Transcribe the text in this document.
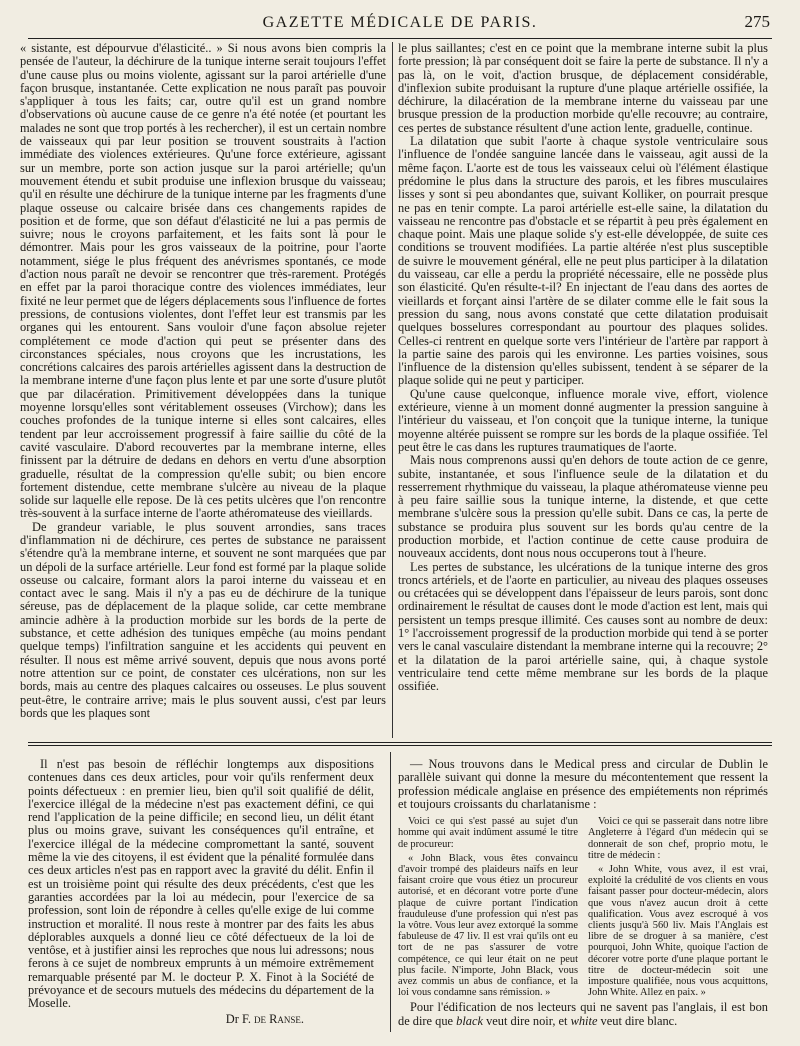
GAZETTE MÉDICALE DE PARIS.	275

« sistante, est dépourvue d'élasticité.. » Si nous avons bien compris la pensée de l'auteur, la déchirure de la tunique interne serait toujours l'effet d'une cause plus ou moins violente, agissant sur la paroi artérielle d'une façon brusque, instantanée. Cette explication ne nous paraît pas pouvoir s'appliquer à tous les faits; car, outre qu'il est un grand nombre d'observations où aucune cause de ce genre n'a été notée (et pourtant les malades ne sont que trop portés à les rechercher), il est un certain nombre de vaisseaux qui par leur position se trouvent soustraits à l'action immédiate des violences extérieures. Qu'une force extérieure, agissant sur un membre, porte son action jusque sur la paroi artérielle; qu'un mouvement étendu et subit produise une inflexion brusque du vaisseau; qu'il en résulte une déchirure de la tunique interne par les fragments d'une plaque osseuse ou calcaire brisée dans ces changements rapides de position et de forme, que son défaut d'élasticité ne lui a pas permis de suivre; nous le croyons parfaitement, et les faits sont là pour le démontrer. Mais pour les gros vaisseaux de la poitrine, pour l'aorte notamment, siége le plus fréquent des anévrismes spontanés, ce mode d'action nous paraît ne devoir se rencontrer que très-rarement. Protégés en effet par la paroi thoracique contre des violences immédiates, leur fixité ne leur permet que de légers déplacements sous l'influence de fortes pressions, de contusions violentes, dont l'effet leur est transmis par les organes qui les entourent. Sans vouloir d'une façon absolue rejeter complétement ce mode d'action qui peut se présenter dans des circonstances spéciales, nous croyons que les incrustations, les concrétions calcaires des parois artérielles agissent dans la destruction de la membrane interne d'une façon plus lente et par une sorte d'usure plutôt que par dilacération. Primitivement développées dans la tunique moyenne lorsqu'elles sont véritablement osseuses (Virchow); dans les couches profondes de la tunique interne si elles sont calcaires, elles tendent par leur accroissement progressif à faire saillie du côté de la cavité vasculaire. D'abord recouvertes par la membrane interne, elles finissent par la détruire de dedans en dehors en vertu d'une absorption graduelle, résultat de la compression qu'elle subit; ou bien encore fortement distendue, cette membrane s'ulcère au niveau de la plaque solide sur laquelle elle repose. De là ces petits ulcères que l'on rencontre très-souvent à la surface interne de l'aorte athéromateuse des vieillards.

De grandeur variable, le plus souvent arrondies, sans traces d'inflammation ni de déchirure, ces pertes de substance ne paraissent s'étendre qu'à la membrane interne, et souvent ne sont marquées que par un dépoli de la surface artérielle. Leur fond est formé par la plaque solide osseuse ou calcaire, formant alors la paroi interne du vaisseau et en contact avec le sang. Mais il n'y a pas eu de déchirure de la tunique séreuse, pas de déplacement de la plaque solide, car cette membrane amincie adhère à la production morbide sur les bords de la perte de substance, et cette adhésion des tuniques empêche (au moins pendant quelque temps) l'infiltration sanguine et les accidents qui peuvent en résulter. Il nous est même arrivé souvent, depuis que nous avons porté notre attention sur ce point, de constater ces ulcérations, non sur les bords, mais au centre des plaques calcaires ou osseuses. Le plus souvent peut-être, le contraire arrive; mais le plus souvent aussi, c'est par leurs bords que les plaques sont

le plus saillantes; c'est en ce point que la membrane interne subit la plus forte pression; là par conséquent doit se faire la perte de substance. Il n'y a pas là, on le voit, d'action brusque, de déplacement considérable, d'inflexion subite produisant la rupture d'une plaque artérielle ossifiée, la déchirure, la dilacération de la membrane interne du vaisseau par une brusque pression de la production morbide qu'elle recouvre; au contraire, ces pertes de substance résultent d'une action lente, graduelle, continue.

La dilatation que subit l'aorte à chaque systole ventriculaire sous l'influence de l'ondée sanguine lancée dans le vaisseau, agit aussi de la même façon. L'aorte est de tous les vaisseaux celui où l'élément élastique prédomine le plus dans la structure des parois, et les fibres musculaires lisses y sont si peu abondantes que, suivant Kolliker, on pourrait presque ne pas en tenir compte. La paroi artérielle est-elle saine, la dilatation du vaisseau ne rencontre pas d'obstacle et se répartit à peu près également en chaque point. Mais une plaque solide s'y est-elle développée, de suite ces conditions se trouvent modifiées. La partie altérée n'est plus susceptible de suivre le mouvement général, elle ne peut plus participer à la dilatation du vaisseau, car elle a perdu la propriété nécessaire, elle ne possède plus son élasticité. Qu'en résulte-t-il? En injectant de l'eau dans des aortes de vieillards et forçant ainsi l'artère de se dilater comme elle le fait sous la pression du sang, nous avons constaté que cette dilatation produisait quelques bosselures correspondant au pourtour des plaques solides. Celles-ci rentrent en quelque sorte vers l'intérieur de l'artère par rapport à la partie saine des parois qui les environne. Les parties voisines, sous l'influence de la distension qu'elles subissent, tendent à se séparer de la plaque solide qui ne peut y participer.

Qu'une cause quelconque, influence morale vive, effort, violence extérieure, vienne à un moment donné augmenter la pression sanguine à l'intérieur du vaisseau, et l'on conçoit que la tunique interne, la tunique moyenne altérée puissent se rompre sur les bords de la plaque ossifiée. Tel peut être le cas dans les ruptures traumatiques de l'aorte.

Mais nous comprenons aussi qu'en dehors de toute action de ce genre, subite, instantanée, et sous l'influence seule de la dilatation et du resserrement rhythmique du vaisseau, la plaque athéromateuse vienne peu à peu faire saillie sous la tunique interne, la distende, et que cette membrane s'ulcère sous la pression qu'elle subit. Dans ce cas, la perte de substance se produira plus souvent sur les bords qu'au centre de la production morbide, et l'action continue de cette cause produira de nouveaux accidents, dont nous nous occuperons tout à l'heure.

Les pertes de substance, les ulcérations de la tunique interne des gros troncs artériels, et de l'aorte en particulier, au niveau des plaques osseuses ou crétacées qui se développent dans l'épaisseur de leurs parois, sont donc ordinairement le résultat de causes dont le mode d'action est lent, mais qui persistent un temps presque illimité. Ces causes sont au nombre de deux: 1° l'accroissement progressif de la production morbide qui tend à se porter vers le canal vasculaire distendant la membrane interne qui la recouvre; 2° et la dilatation de la paroi artérielle saine, qui, à chaque systole ventriculaire tend cette même membrane sur les bords de la plaque ossifiée.

Il n'est pas besoin de réfléchir longtemps aux dispositions contenues dans ces deux articles, pour voir qu'ils renferment deux points défectueux : en premier lieu, bien qu'il soit qualifié de délit, l'exercice illégal de la médecine n'est pas exactement défini, ce qui rend l'application de la peine difficile; en second lieu, un délit étant plus ou moins grave, suivant les conséquences qu'il entraîne, et l'exercice illégal de la médecine compromettant la santé, souvent même la vie des citoyens, il est évident que la pénalité formulée dans ces deux articles n'est pas en rapport avec la gravité du délit. Enfin il est un troisième point qui résulte des deux précédents, c'est que les garanties accordées par la loi au médecin, pour l'exercice de sa profession, sont loin de répondre à celles qu'elle exige de lui comme instruction et moralité. Il nous reste à montrer par des faits les abus déplorables auxquels a donné lieu ce côté défectueux de la loi de ventôse, et à justifier ainsi les reproches que nous lui adressons; nous ferons à ce sujet de nombreux emprunts à un mémoire extrêmement remarquable présenté par M. le docteur P. X. Finot à la Société de prévoyance et de secours mutuels des médecins du département de la Moselle.

Dr F. de Ranse.

— Nous trouvons dans le Medical press and circular de Dublin le parallèle suivant qui donne la mesure du mécontentement que ressent la profession médicale anglaise en présence des empiétements non réprimés et toujours croissants du charlatanisme :

Voici ce qui s'est passé au sujet d'un homme qui avait indûment assumé le titre de procureur:

« John Black, vous êtes convaincu d'avoir trompé des plaideurs naïfs en leur faisant croire que vous étiez un procureur autorisé, et en décorant votre porte d'une plaque de cuivre portant l'indication frauduleuse d'une profession qui n'est pas la vôtre. Vous leur avez extorqué la somme fabuleuse de 47 liv. Il est vrai qu'ils ont eu tort de ne pas s'assurer de votre compétence, ce qui leur était on ne peut plus facile. N'importe, John Black, vous avez commis un abus de confiance, et la loi vous condamne sans rémission. »

Voici ce qui se passerait dans notre libre Angleterre à l'égard d'un médecin qui se donnerait de son chef, proprio motu, le titre de médecin :

« John White, vous avez, il est vrai, exploité la crédulité de vos clients en vous faisant passer pour docteur-médecin, alors que vous n'avez aucun droit à cette qualification. Vous avez escroqué à vos clients jusqu'à 560 liv. Mais l'Anglais est libre de se droguer à sa manière, c'est pourquoi, John White, quoique l'action de décorer votre porte d'une plaque portant le titre de docteur-médecin soit une imposture qualifiée, nous vous acquittons, John White. Allez en paix. »

Pour l'édification de nos lecteurs qui ne savent pas l'anglais, il est bon de dire que black veut dire noir, et white veut dire blanc.
